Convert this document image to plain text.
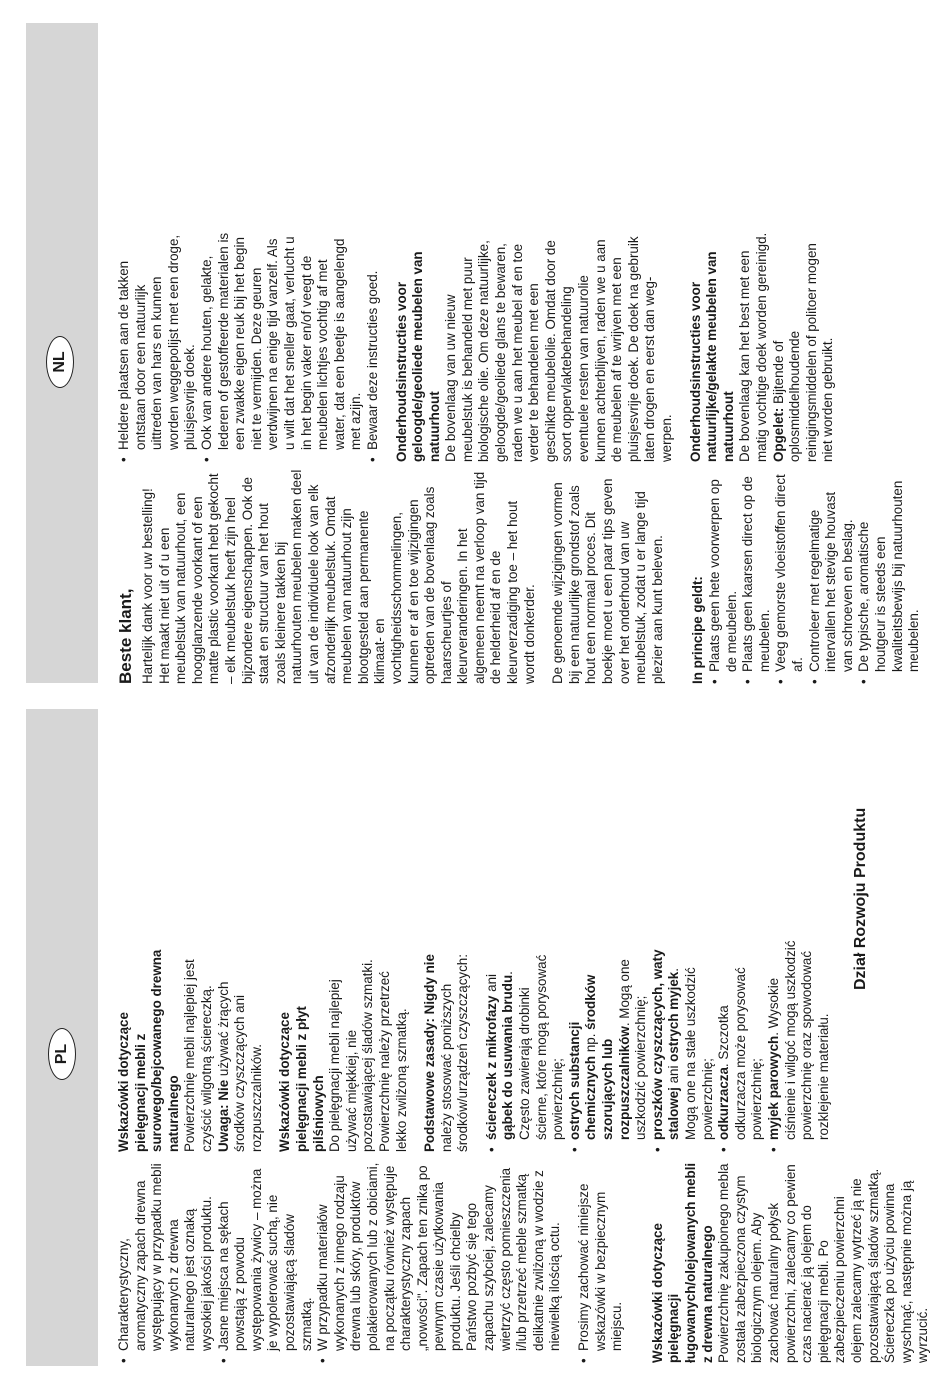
PL
NL
• Charakterystyczny, aromatyczny zapach drewna występujący w przypadku mebli wykonanych z drewna naturalnego jest oznaką wysokiej jakości produktu. • Jasne miejsca na sękach powstają z powodu występowania żywicy – można je wypolerować suchą, nie pozostawiającą śladów szmatką. • W przypadku materiałów wykonanych z innego rodzaju drewna lub skóry, produktów polakierowanych lub z obiciami, na początku również występuje charakterystyczny zapach „nowości". Zapach ten znika po pewnym czasie użytkowania produktu. Jeśli chcielby Państwo pozbyć się tego zapachu szybciej, zalecamy wietrzyć często pomieszczenia i/lub przetrzeć meble szmatką delikatnie zwilżoną w wodzie z niewielką ilością octu. • Prosimy zachować niniejsze wskazówki w bezpiecznym miejscu. Wskazówki dotyczące pielęgnacji ługowanych/olejowanych mebli z drewna naturalnego Powierzchnię zakupionego mebla została zabezpieczona czystym biologicznym olejem. Aby zachować naturalny połysk powierzchni, zalecamy co pewien czas nacierać ją olejem do pielęgnacji mebli. Po zabezpieczeniu powierzchni olejem zalecamy wytrzeć ją nie pozostawiającą śladów szmatką. Ściereczka po użyciu powinna wyschnąć, następnie można ją wyrzucić.

Wskazówki dotyczące pielęgnacji mebli z surowego/bejcowanego drewna naturalnego Powierzchnię mebli najlepiej jest czyścić wilgotną ściereczką. Uwaga: Nie używać żrących środków czyszczących ani rozpuszczalników. Wskazówki dotyczące pielęgnacji mebli z płyt pilśniowych Do pielęgnacji mebli najlepiej używać miękkiej, nie pozostawiającej śladów szmatki. Powierzchnię należy przetrzeć lekko zwilżoną szmatką. Podstawowe zasady: Nigdy nie należy stosować poniższych środków/urządzeń czyszczących: • ściereczek z mikrofazy ani gąbek do usuwania brudu. Często zawierają drobinki ścierne, które mogą porysować powierzchnię; • ostrych substancji chemicznych np. środków szorujących lub rozpuszczalników. Mogą one uszkodzić powierzchnię; • proszków czyszczących, waty stalowej ani ostrych myjek. Mogą one na stałe uszkodzić powierzchnię; • odkurzacza. Szczotka odkurzacza może porysować powierzchnię; • myjek parowych. Wysokie ciśnienie i wilgoć mogą uszkodzić powierzchnię oraz spowodować rozklejenie materiału.
Dział Rozwoju Produktu
Beste klant, Hartelijk dank voor uw bestelling! Het maakt niet uit of u een meubelstuk van natuurhout, een hoogglanzende voorkant of een matte plastic voorkant hebt gekocht – elk meubelstuk heeft zijn heel bijzondere eigenschappen. Ook de staat en structuur van het hout zoals kleinere takken bij natuurhouten meubelen maken deel uit van de individuele look van elk afzonderlijk meubelstuk. Omdat meubelen van natuurhout zijn blootgesteld aan permanente klimaat- en vochtigheidsschommelingen, kunnen er af en toe wijzigingen optreden van de bovenlaag zoals haarscheurtjes of kleurveranderingen. In het algemeen neemt na verloop van tijd de helderheid af en de kleurverzadiging toe – het hout wordt donkerder. De genoemde wijzigingen vormen bij een natuurlijke grondstof zoals hout een normaal proces. Dit boekje moet u een paar tips geven over het onderhoud van uw meubelstuk, zodat u er lange tijd plezier aan kunt beleven. In principe geldt: • Plaats geen hete voorwerpen op de meubelen. • Plaats geen kaarsen direct op de meubelen. • Veeg gemorste vloeistoffen direct af. • Controleer met regelmatige intervallen het stevige houvast van schroeven en beslag. • De typische, aromatische houtgeur is steeds een kwaliteitsbewijs bij natuurhouten meubelen.
• Heldere plaatsen aan de takken ontstaan door een natuurlijk uittreden van hars en kunnen worden weggepolijst met een droge, pluisjesvrije doek. • Ook van andere houten, gelakte, lederen of gestoffeerde materialen is een zwakke eigen reuk bij het begin niet te vermijden. Deze geuren verdwijnen na enige tijd vanzelf. Als u wilt dat het sneller gaat, verlucht u in het begin vaker en/of veegt de meubelen lichtjes vochtig af met water, dat een beetje is aangelengd met azijn. • Bewaar deze instructies goed. Onderhoudsinstructies voor geloogde/geoliede meubelen van natuurhout De bovenlaag van uw nieuw meubelstuk is behandeld met puur biologische olie. Om deze natuurlijke, geloogde/geoliede glans te bewaren, raden we u aan het meubel af en toe verder te behandelen met een geschikte meubelolie. Omdat door de soort oppervlaktebehandeling eventuele resten van natuurolie kunnen achterblijven, raden we u aan de meubelen af te wrijven met een pluisjesvrije doek. De doek na gebruik laten drogen en eerst dan weg-werpen. Onderhoudsinstructies voor natuurlijke/gelakte meubelen van natuurhout De bovenlaag kan het best met een matig vochtige doek worden gereinigd. Opgelet: Bijtende of oplosmiddelhoudende reinigingsmiddelen of politoer mogen niet worden gebruikt.
